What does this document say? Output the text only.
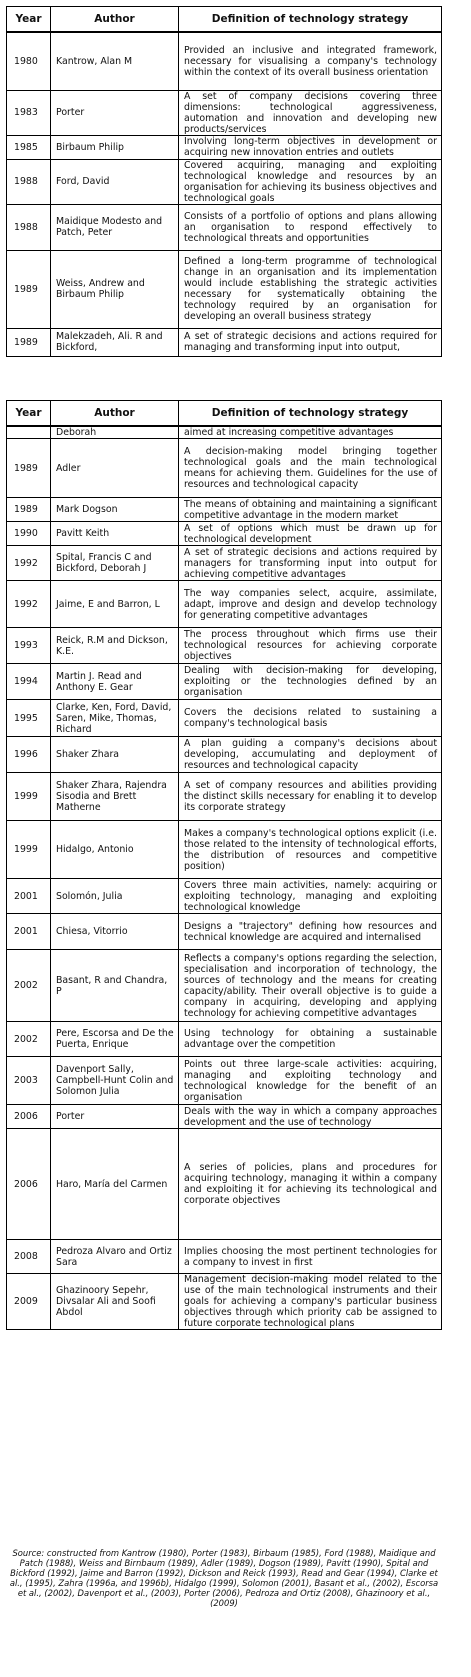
Year	Author	Definition of technology strategy
1980	Kantrow, Alan M	Provided an inclusive and integrated framework, necessary for visualising a company's technology within the context of its overall business orientation
1983	Porter	A set of company decisions covering three dimensions: technological aggressiveness, automation and innovation and developing new products/services
1985	Birbaum Philip	Involving long-term objectives in development or acquiring new innovation entries and outlets
1988	Ford, David	Covered acquiring, managing and exploiting technological knowledge and resources by an organisation for achieving its business objectives and technological goals
1988	Maidique Modesto and Patch, Peter	Consists of a portfolio of options and plans allowing an organisation to respond effectively to technological threats and opportunities
1989	Weiss, Andrew and Birbaum Philip	Defined a long-term programme of technological change in an organisation and its implementation would include establishing the strategic activities necessary for systematically obtaining the technology required by an organisation for developing an overall business strategy
1989	Malekzadeh, Ali. R and Bickford,	A set of strategic decisions and actions required for managing and transforming input into output,
Year	Author	Definition of technology strategy
	Deborah	aimed at increasing competitive advantages
1989	Adler	A decision-making model bringing together technological goals and the main technological means for achieving them. Guidelines for the use of resources and technological capacity
1989	Mark Dogson	The means of obtaining and maintaining a significant competitive advantage in the modern market
1990	Pavitt Keith	A set of options which must be drawn up for technological development
1992	Spital, Francis C and Bickford, Deborah J	A set of strategic decisions and actions required by managers for transforming input into output for achieving competitive advantages
1992	Jaime, E and Barron, L	The way companies select, acquire, assimilate, adapt, improve and design and develop technology for generating competitive advantages
1993	Reick, R.M and Dickson, K.E.	The process throughout which firms use their technological resources for achieving corporate objectives
1994	Martin J. Read and Anthony E. Gear	Dealing with decision-making for developing, exploiting or the technologies defined by an organisation
1995	Clarke, Ken, Ford, David, Saren, Mike, Thomas, Richard	Covers the decisions related to sustaining a company's technological basis
1996	Shaker Zhara	A plan guiding a company's decisions about developing, accumulating and deployment of resources and technological capacity
1999	Shaker Zhara, Rajendra Sisodia and Brett Matherne	A set of company resources and abilities providing the distinct skills necessary for enabling it to develop its corporate strategy
1999	Hidalgo, Antonio	Makes a company's technological options explicit (i.e. those related to the intensity of technological efforts, the distribution of resources and competitive position)
2001	Solomón, Julia	Covers three main activities, namely: acquiring or exploiting technology, managing and exploiting technological knowledge
2001	Chiesa, Vitorrio	Designs a "trajectory" defining how resources and technical knowledge are acquired and internalised
2002	Basant, R and Chandra, P	Reflects a company's options regarding the selection, specialisation and incorporation of technology, the sources of technology and the means for creating capacity/ability. Their overall objective is to guide a company in acquiring, developing and applying technology for achieving competitive advantages
2002	Pere, Escorsa and De the Puerta, Enrique	Using technology for obtaining a sustainable advantage over the competition
2003	Davenport Sally, Campbell-Hunt Colin and Solomon Julia	Points out three large-scale activities: acquiring, managing and exploiting technology and technological knowledge for the benefit of an organisation
2006	Porter	Deals with the way in which a company approaches development and the use of technology
2006	Haro, María del Carmen	A series of policies, plans and procedures for acquiring technology, managing it within a company and exploiting it for achieving its technological and corporate objectives
2008	Pedroza Alvaro and Ortiz Sara	Implies choosing the most pertinent technologies for a company to invest in first
2009	Ghazinoory Sepehr, Divsalar Ali and Soofi Abdol	Management decision-making model related to the use of the main technological instruments and their goals for achieving a company's particular business objectives through which priority cab be assigned to future corporate technological plans
Source: constructed from Kantrow (1980), Porter (1983), Birbaum (1985), Ford (1988), Maidique and Patch (1988), Weiss and Birnbaum (1989), Adler (1989), Dogson (1989), Pavitt (1990), Spital and Bickford (1992), Jaime and Barron (1992), Dickson and Reick (1993), Read and Gear (1994), Clarke et al., (1995), Zahra (1996a, and 1996b), Hidalgo (1999), Solomon (2001), Basant et al., (2002), Escorsa et al., (2002), Davenport et al., (2003), Porter (2006), Pedroza and Ortiz (2008), Ghazinoory et al., (2009)
